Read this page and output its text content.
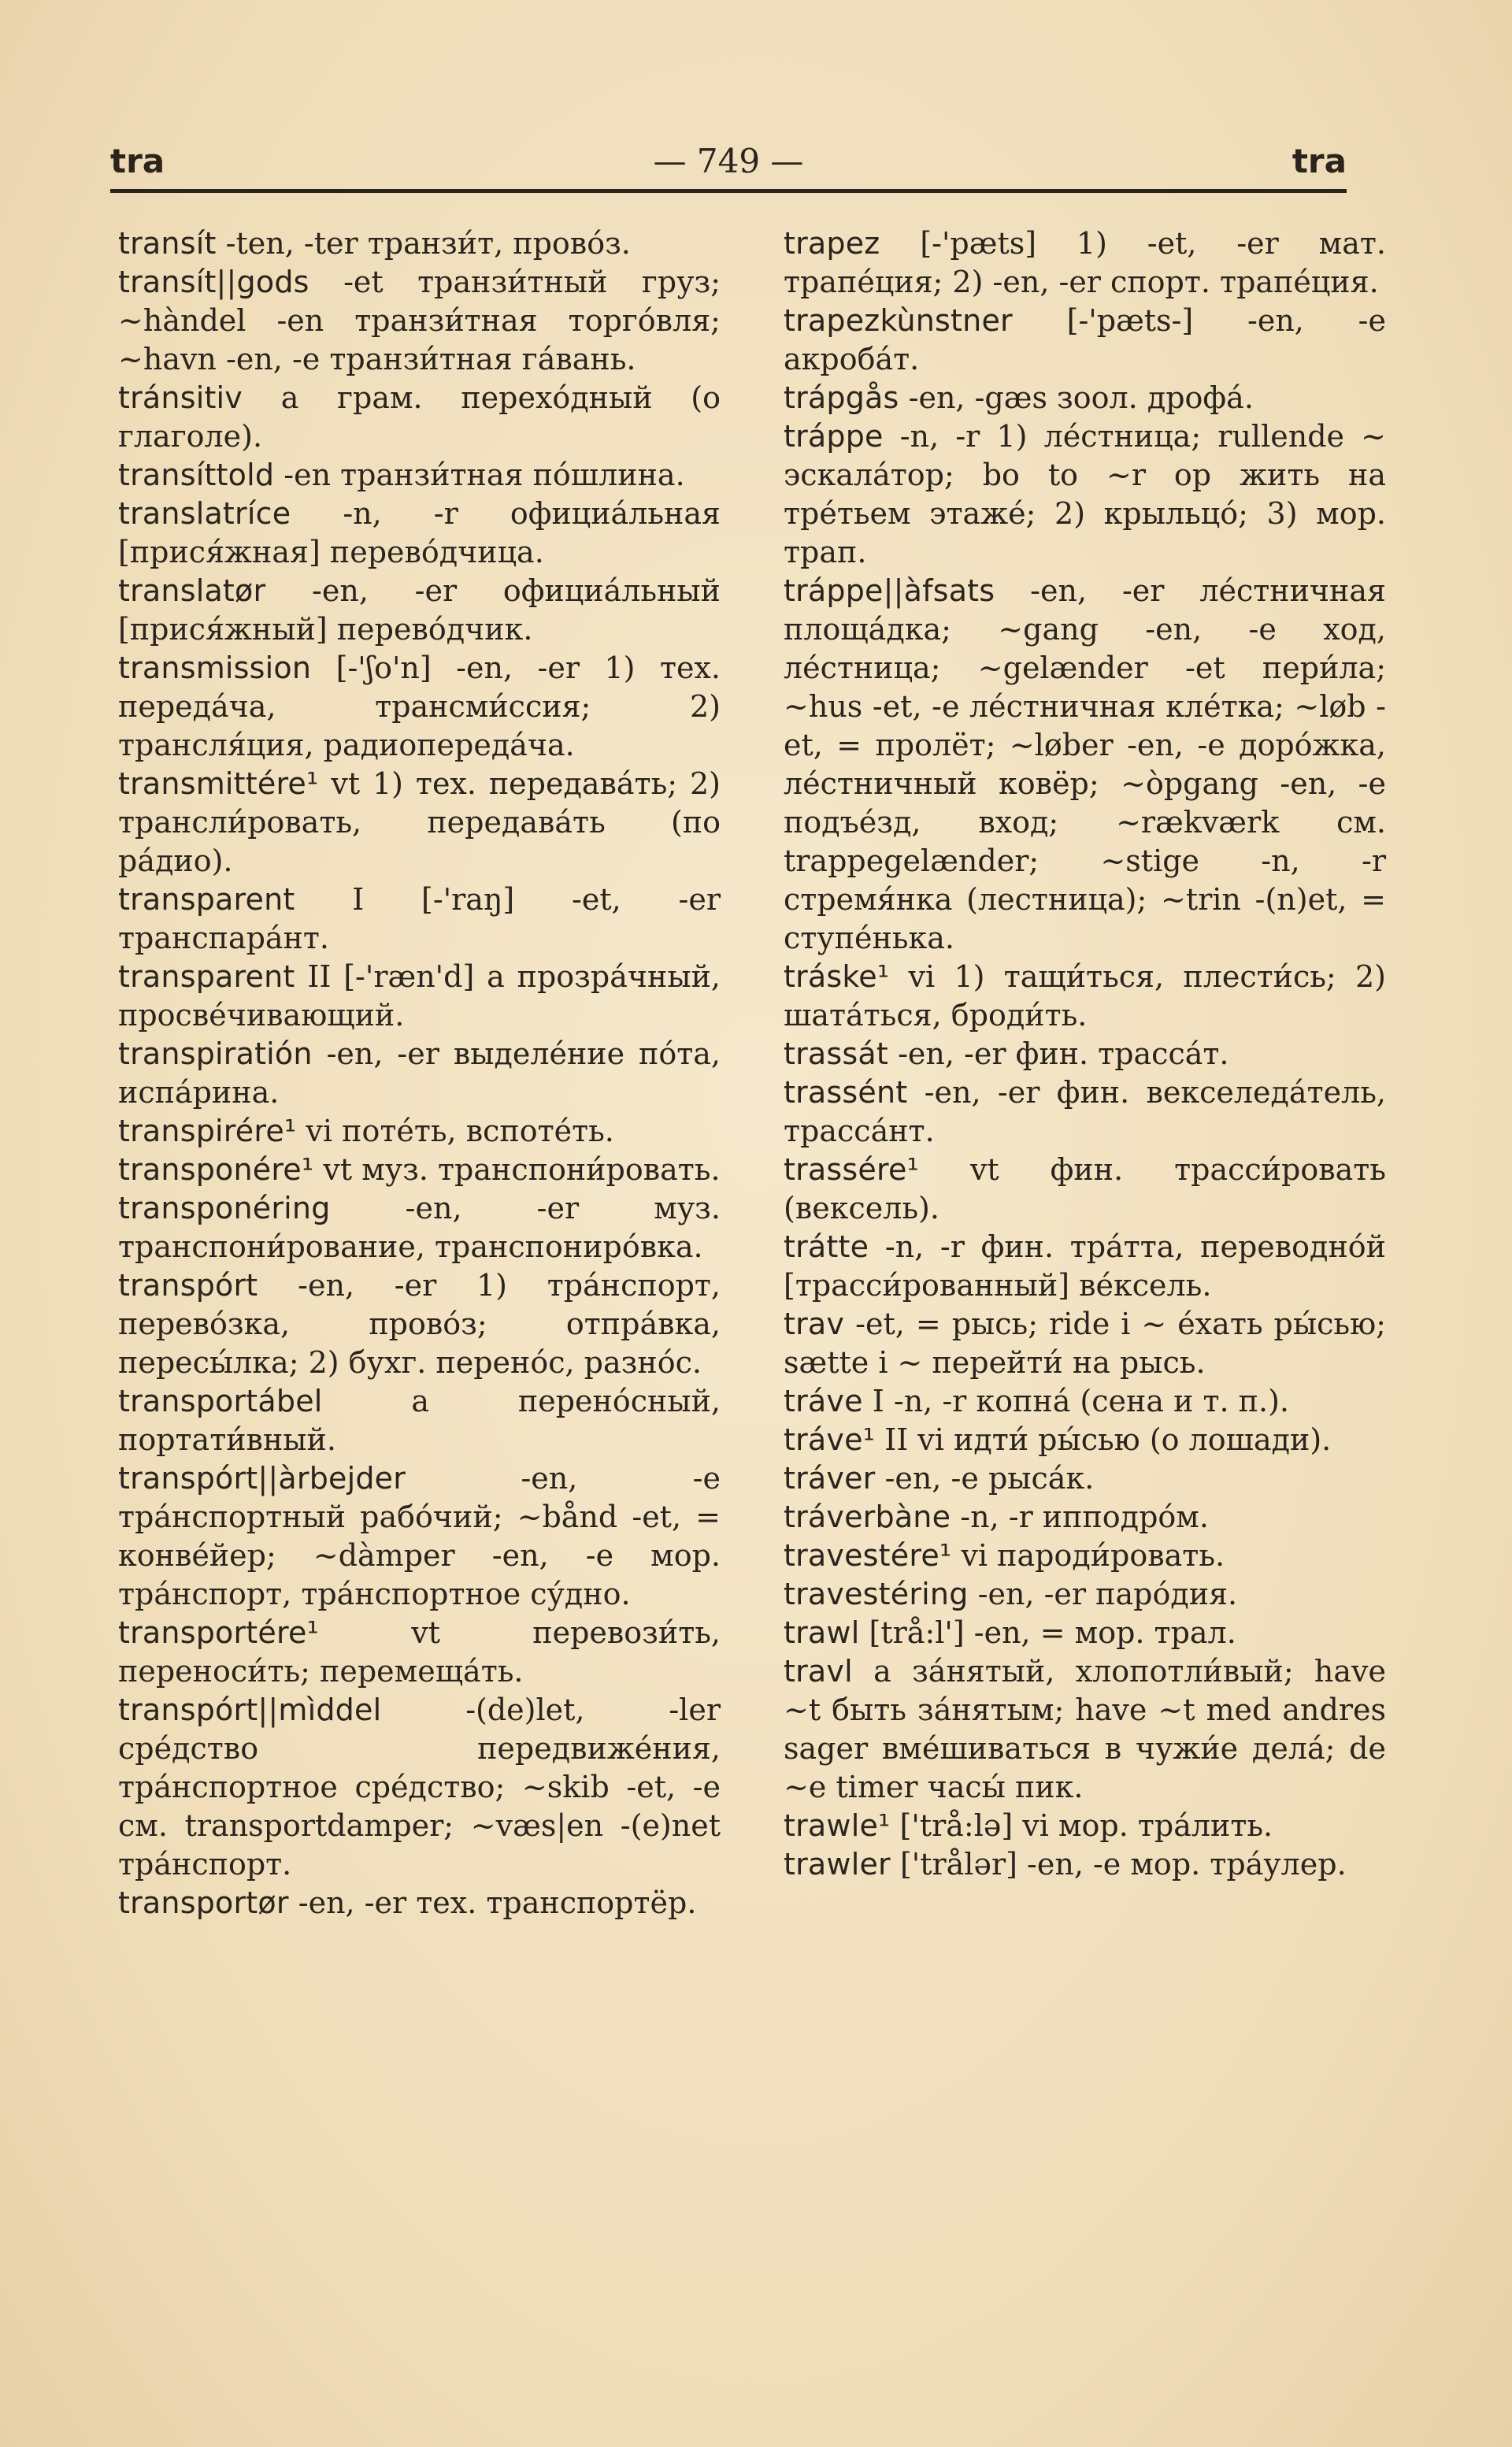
tra	— 749 —	tra

transít -ten, -ter транзи́т, прово́з.

transít||gods -et транзи́тный груз; ~hàndel -en транзи́тная торго́вля; ~havn -en, -e транзи́тная га́вань.

tránsitiv a грам. перехо́дный (о глаголе).

transíttold -en транзи́тная по́шлина.

translatríce -n, -r официа́льная [прися́жная] перево́дчица.

translatør -en, -er официа́льный [прися́жный] перево́дчик.

transmission [-'ʃo'n] -en, -er 1) тех. переда́ча, трансми́ссия; 2) трансля́ция, радиопереда́ча.

transmittére¹ vt 1) тех. передава́ть; 2) трансли́ровать, передава́ть (по ра́дио).

transparent I [-'raŋ] -et, -er транспара́нт.

transparent II [-'ræn'd] a прозра́чный, просве́чивающий.

transpiratión -en, -er выделе́ние по́та, испа́рина.

transpirére¹ vi поте́ть, вспоте́ть.

transponére¹ vt муз. транспони́ровать.

transponéring -en, -er муз. транспони́рование, транспониро́вка.

transpórt -en, -er 1) тра́нспорт, перево́зка, прово́з; отпра́вка, пересы́лка; 2) бухг. перено́с, разно́с.

transportábel a перено́сный, портати́вный.

transpórt||àrbejder -en, -e тра́нспортный рабо́чий; ~bånd -et, = конве́йер; ~dàmper -en, -e мор. тра́нспорт, тра́нспортное су́дно.

transportére¹ vt перевози́ть, переноси́ть; перемеща́ть.

transpórt||mìddel -(de)let, -ler сре́дство передвиже́ния, тра́нспортное сре́дство; ~skib -et, -e см. transportdamper; ~væs|en -(e)net тра́нспорт.

transportør -en, -er тех. транспортёр.

trapez [-'pæts] 1) -et, -er мат. трапе́ция; 2) -en, -er спорт. трапе́ция.

trapezkùnstner [-'pæts-] -en, -e акроба́т.

trápgås -en, -gæs зоол. дрофа́.

tráppe -n, -r 1) ле́стница; rullende ~ эскала́тор; bo to ~r op жить на тре́тьем этаже́; 2) крыльцо́; 3) мор. трап.

tráppe||àfsats -en, -er ле́стничная площа́дка; ~gang -en, -e ход, ле́стница; ~gelænder -et пери́ла; ~hus -et, -e ле́стничная кле́тка; ~løb -et, = пролёт; ~løber -en, -e доро́жка, ле́стничный ковёр; ~òpgang -en, -e подъе́зд, вход; ~rækværk см. trappegelænder; ~stige -n, -r стремя́нка (лестница); ~trin -(n)et, = ступе́нька.

tráske¹ vi 1) тащи́ться, плести́сь; 2) шата́ться, броди́ть.

trassát -en, -er фин. трасса́т.

trassént -en, -er фин. векселеда́тель, трасса́нт.

trassére¹ vt фин. трасси́ровать (вексель).

trátte -n, -r фин. тра́тта, переводно́й [трасси́рованный] ве́ксель.

trav -et, = рысь; ride i ~ е́хать ры́сью; sætte i ~ перейти́ на рысь.

tráve I -n, -r копна́ (сена и т. п.).

tráve¹ II vi идти́ ры́сью (о лошади).

tráver -en, -e рыса́к.

tráverbàne -n, -r ипподро́м.

travestére¹ vi пароди́ровать.

travestéring -en, -er паро́дия.

trawl [trå:l'] -en, = мор. трал.

travl a за́нятый, хлопотли́вый; have ~t быть за́нятым; have ~t med andres sager вме́шиваться в чужи́е дела́; de ~e timer часы́ пик.

trawle¹ ['trå:lə] vi мор. тра́лить.

trawler ['trålər] -en, -e мор. тра́улер.
